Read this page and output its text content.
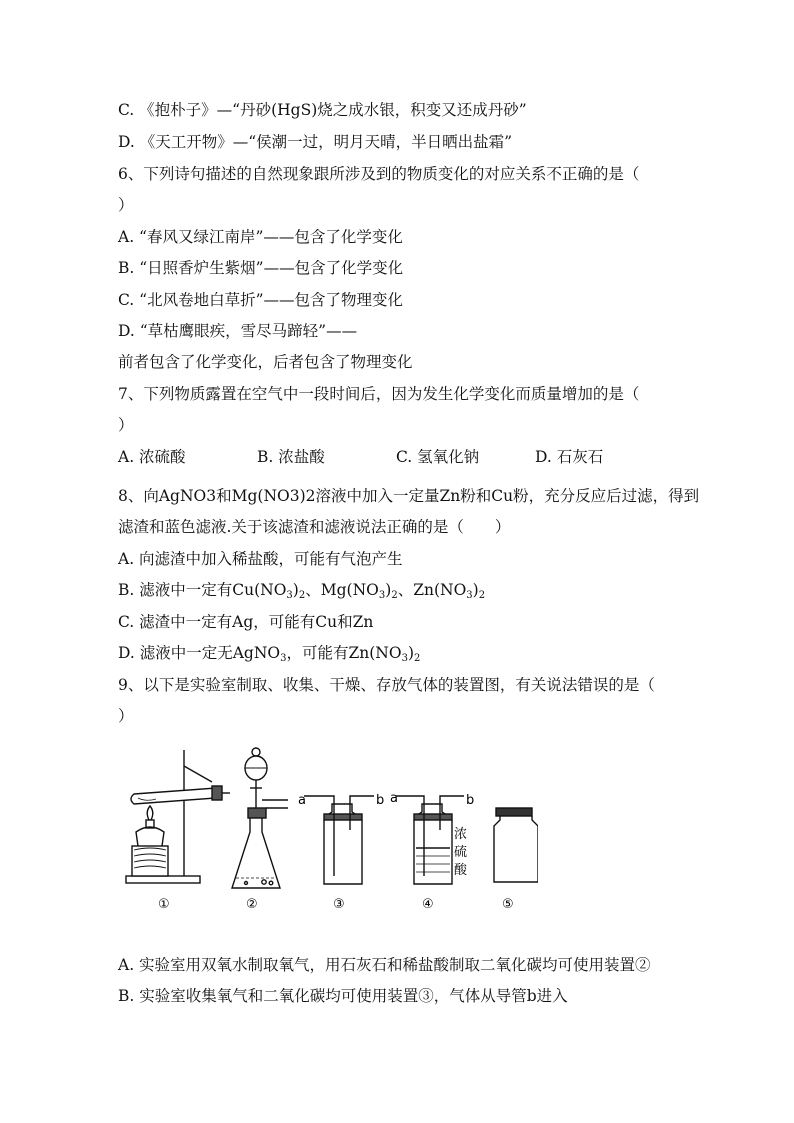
C. 《抱朴子》—“丹砂(HgS)烧之成水银，积变又还成丹砂”
D. 《天工开物》—“侯潮一过，明月天晴，半日晒出盐霜”
6、下列诗句描述的自然现象跟所涉及到的物质变化的对应关系不正确的是（
）
A. “春风又绿江南岸”——包含了化学变化
B. “日照香炉生紫烟”——包含了化学变化
C. “北风卷地白草折”——包含了物理变化
D. “草枯鹰眼疾，雪尽马蹄轻”——
前者包含了化学变化，后者包含了物理变化
7、下列物质露置在空气中一段时间后，因为发生化学变化而质量增加的是（
）
A. 浓硫酸	B. 浓盐酸	C. 氢氧化钠	D. 石灰石
8、向AgNO3和Mg(NO3)2溶液中加入一定量Zn粉和Cu粉，充分反应后过滤，得到
滤渣和蓝色滤液.关于该滤渣和滤液说法正确的是（　　）
A. 向滤渣中加入稀盐酸，可能有气泡产生
B. 滤液中一定有$Cu(NO_3)_2$、$Mg(NO_3)_2$、$Zn(NO_3)_2$
C. 滤渣中一定有Ag，可能有Cu和Zn
D. 滤液中一定无AgNO$_3$，可能有$Zn(NO_3)_2$
9、以下是实验室制取、收集、干燥、存放气体的装置图，有关说法错误的是（
）
a	b a	b
浓
硫
酸
①	②	③	④	⑤
A. 实验室用双氧水制取氧气，用石灰石和稀盐酸制取二氧化碳均可使用装置②
B. 实验室收集氧气和二氧化碳均可使用装置③，气体从导管b进入
